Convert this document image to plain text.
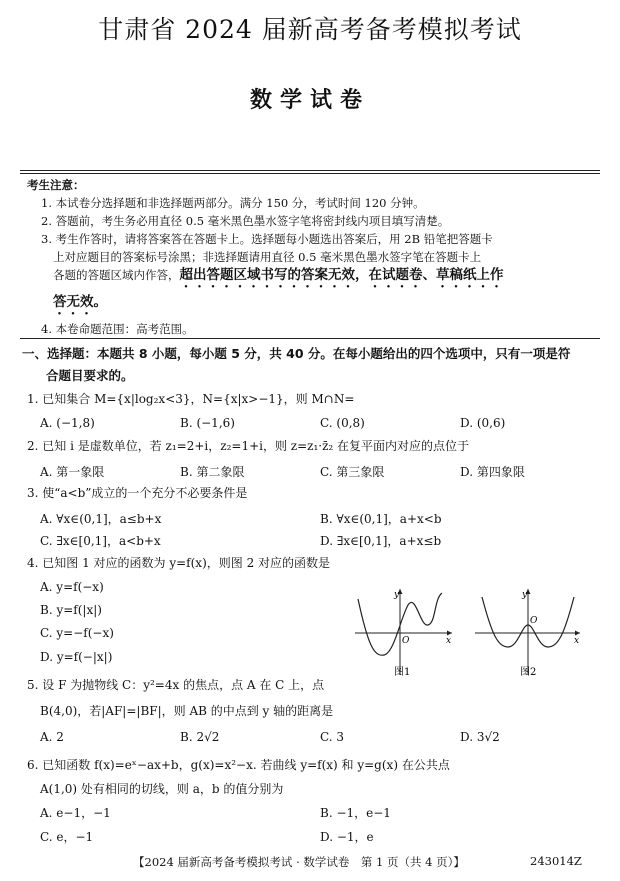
甘肃省 2024 届新高考备考模拟考试
数学试卷
考生注意：
1. 本试卷分选择题和非选择题两部分。满分 150 分，考试时间 120 分钟。
2. 答题前，考生务必用直径 0.5 毫米黑色墨水签字笔将密封线内项目填写清楚。
3. 考生作答时，请将答案答在答题卡上。选择题每小题选出答案后，用 2B 铅笔把答题卡
上对应题目的答案标号涂黑；非选择题请用直径 0.5 毫米黑色墨水签字笔在答题卡上
各题的答题区域内作答，超出答题区域书写的答案无效，在试题卷、草稿纸上作
答无效。
4. 本卷命题范围：高考范围。
一、选择题：本题共 8 小题，每小题 5 分，共 40 分。在每小题给出的四个选项中，只有一项是符
合题目要求的。
1. 已知集合 M={x|log₂x<3}，N={x|x>−1}，则 M∩N=
A. (−1,8)	B. (−1,6)	C. (0,8)	D. (0,6)
2. 已知 i 是虚数单位，若 z₁=2+i，z₂=1+i，则 z=z₁·z̄₂ 在复平面内对应的点位于
A. 第一象限	B. 第二象限	C. 第三象限	D. 第四象限
3. 使“a<b”成立的一个充分不必要条件是
A. ∀x∈(0,1]，a≤b+x	B. ∀x∈(0,1]，a+x<b
C. ∃x∈[0,1]，a<b+x	D. ∃x∈[0,1]，a+x≤b
4. 已知图 1 对应的函数为 y=f(x)，则图 2 对应的函数是
A. y=f(−x)
B. y=f(|x|)
C. y=−f(−x)
D. y=f(−|x|)
y
x
O
图1
y
x
O
图2
5. 设 F 为抛物线 C：y²=4x 的焦点，点 A 在 C 上，点
B(4,0)，若|AF|=|BF|，则 AB 的中点到 y 轴的距离是
A. 2	B. 2√2	C. 3	D. 3√2
6. 已知函数 f(x)=eˣ−ax+b，g(x)=x²−x. 若曲线 y=f(x) 和 y=g(x) 在公共点
A(1,0) 处有相同的切线，则 a，b 的值分别为
A. e−1，−1	B. −1，e−1
C. e，−1	D. −1，e
【2024 届新高考备考模拟考试 · 数学试卷　第 1 页（共 4 页）】	243014Z
